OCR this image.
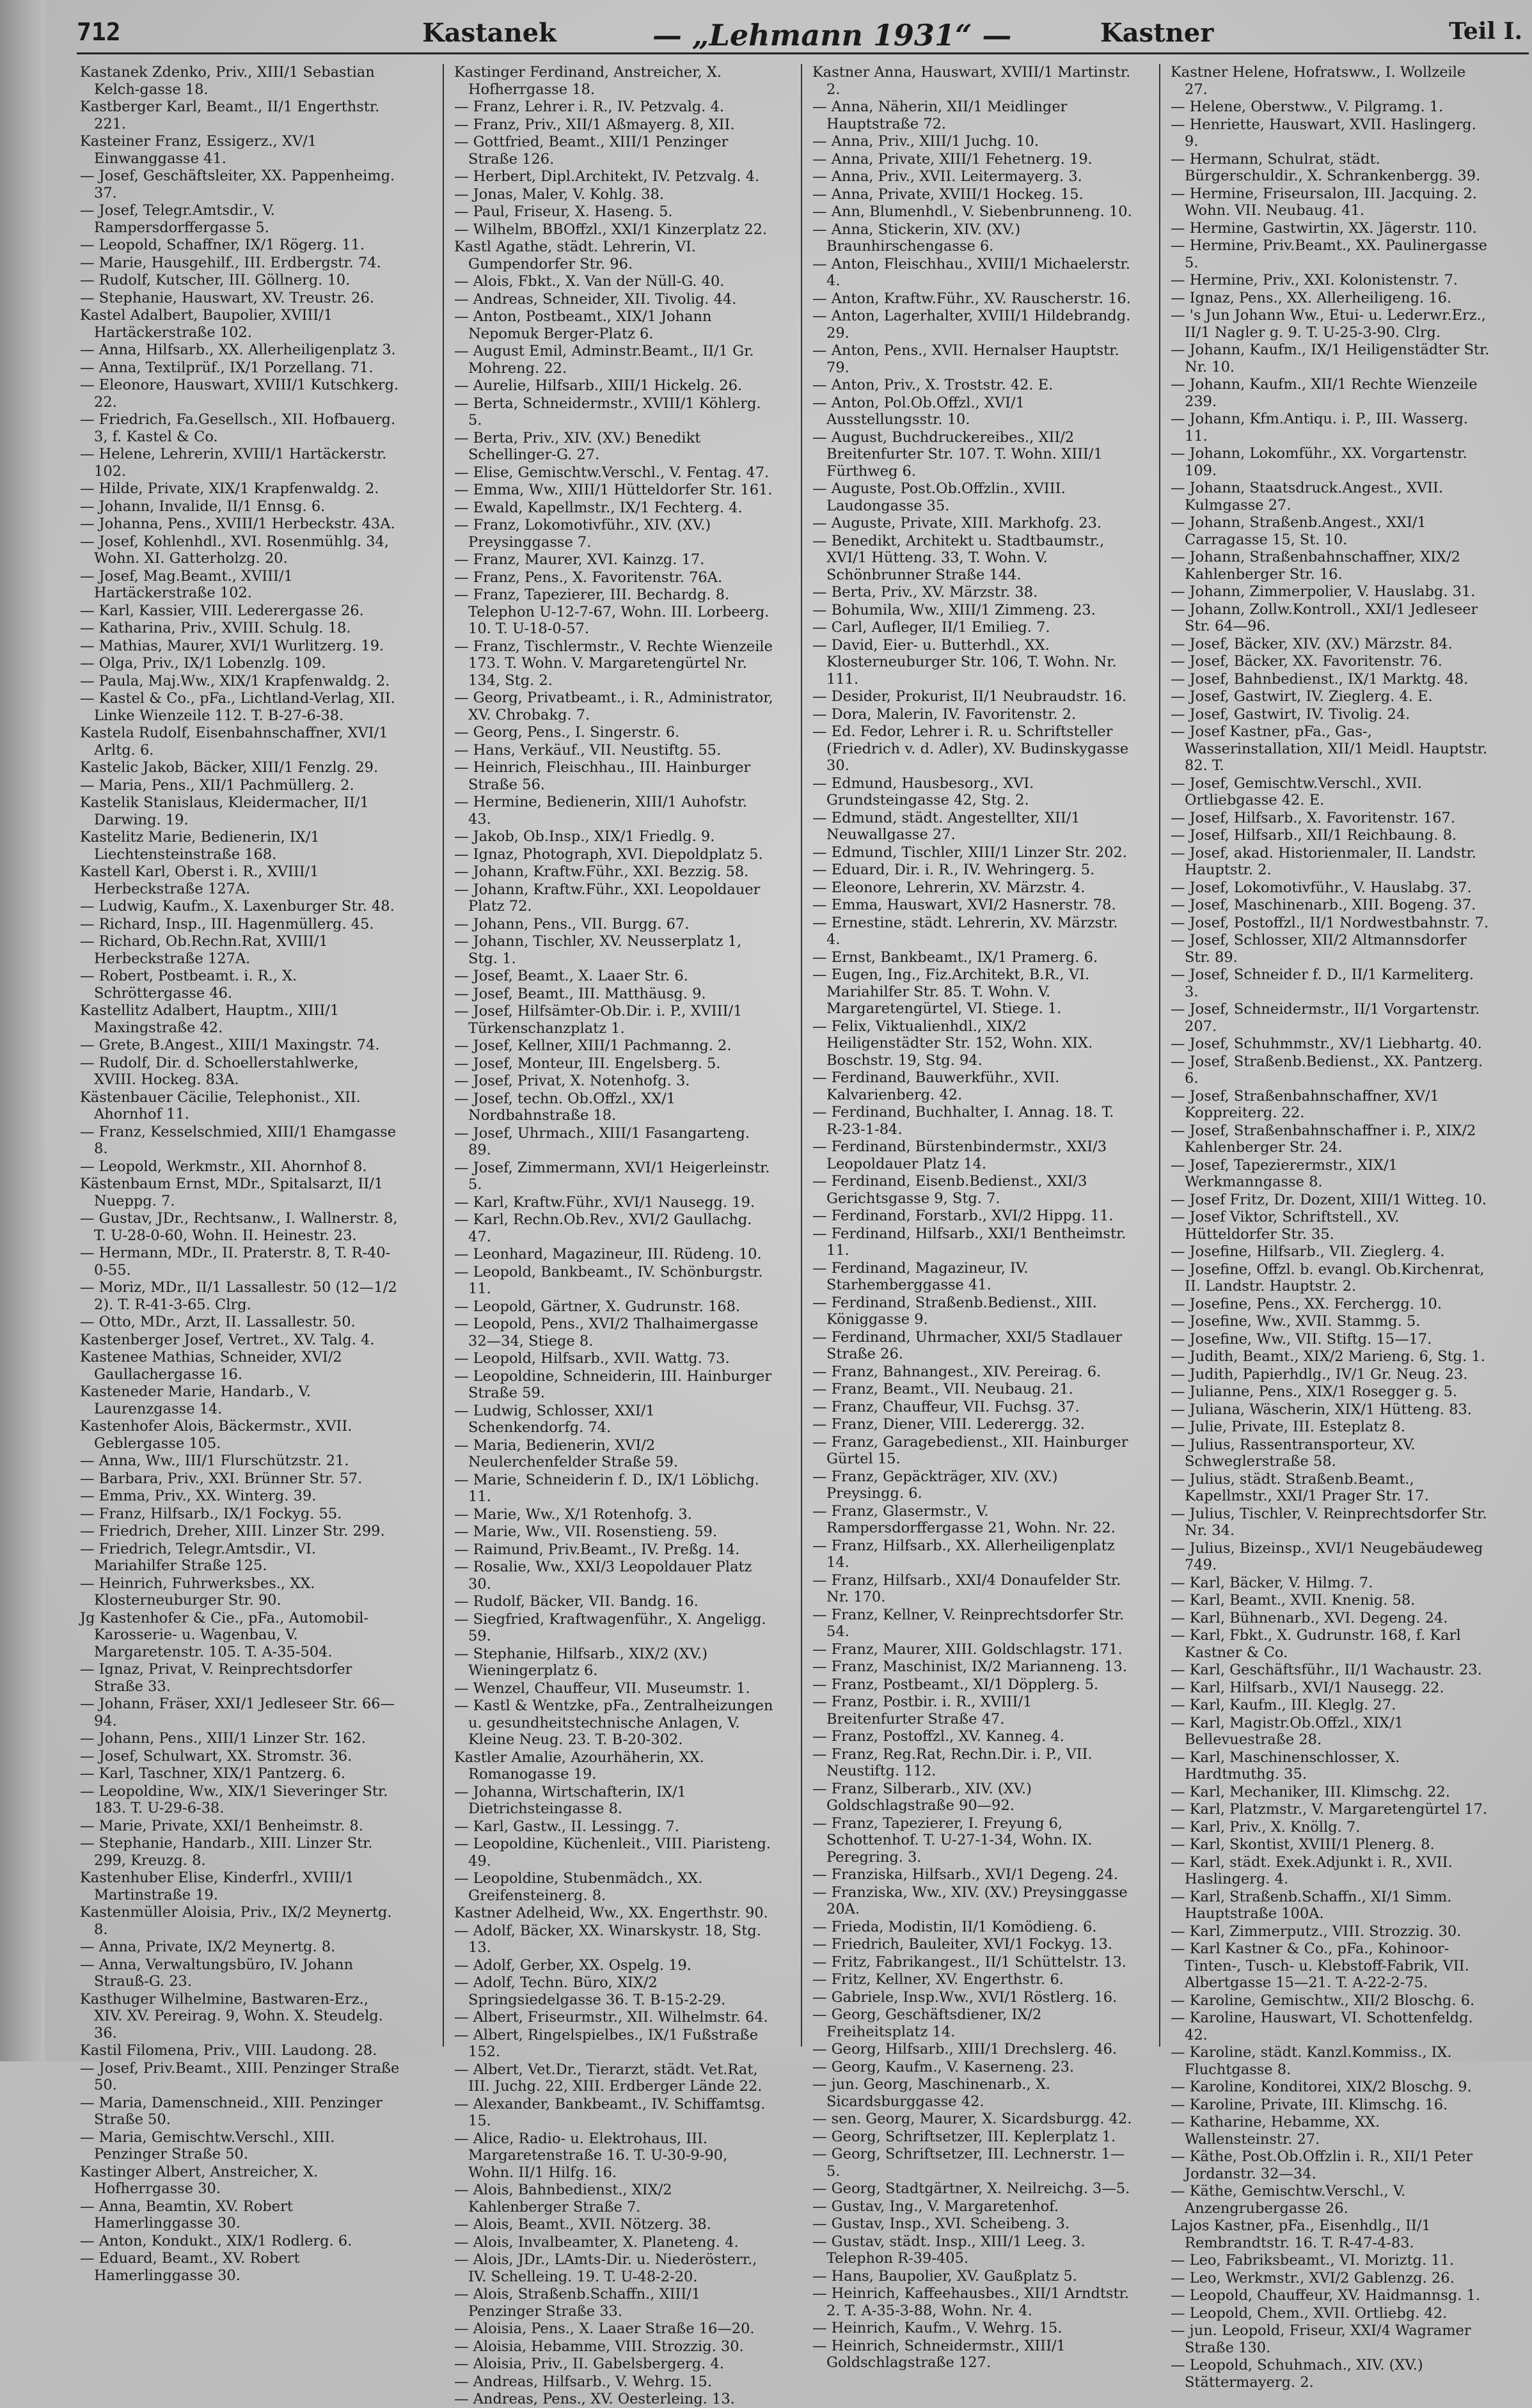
712	Kastanek	— „Lehmann 1931“ —	Kastner	Teil I.
Kastanek Zdenko, Priv., XIII/1 Sebastian Kelch-gasse 18.
Kastberger Karl, Beamt., II/1 Engerthstr. 221.
Kasteiner Franz, Essigerz., XV/1 Einwanggasse 41.
— Josef, Geschäftsleiter, XX. Pappenheimg. 37.
— Josef, Telegr.Amtsdir., V. Rampersdorffergasse 5.
— Leopold, Schaffner, IX/1 Rögerg. 11.
— Marie, Hausgehilf., III. Erdbergstr. 74.
— Rudolf, Kutscher, III. Göllnerg. 10.
— Stephanie, Hauswart, XV. Treustr. 26.
Kastel Adalbert, Baupolier, XVIII/1 Hartäckerstraße 102.
— Anna, Hilfsarb., XX. Allerheiligenplatz 3.
— Anna, Textilprüf., IX/1 Porzellang. 71.
— Eleonore, Hauswart, XVIII/1 Kutschkerg. 22.
— Friedrich, Fa.Gesellsch., XII. Hofbauerg. 3, f. Kastel & Co.
— Helene, Lehrerin, XVIII/1 Hartäckerstr. 102.
— Hilde, Private, XIX/1 Krapfenwaldg. 2.
— Johann, Invalide, II/1 Ennsg. 6.
— Johanna, Pens., XVIII/1 Herbeckstr. 43A.
— Josef, Kohlenhdl., XVI. Rosenmühlg. 34, Wohn. XI. Gatterholzg. 20.
— Josef, Mag.Beamt., XVIII/1 Hartäckerstraße 102.
— Karl, Kassier, VIII. Lederergasse 26.
— Katharina, Priv., XVIII. Schulg. 18.
— Mathias, Maurer, XVI/1 Wurlitzerg. 19.
— Olga, Priv., IX/1 Lobenzlg. 109.
— Paula, Maj.Ww., XIX/1 Krapfenwaldg. 2.
— Kastel & Co., pFa., Lichtland-Verlag, XII. Linke Wienzeile 112. T. B-27-6-38.
Kastela Rudolf, Eisenbahnschaffner, XVI/1 Arltg. 6.
Kastelic Jakob, Bäcker, XIII/1 Fenzlg. 29.
— Maria, Pens., XII/1 Pachmüllerg. 2.
Kastelik Stanislaus, Kleidermacher, II/1 Darwing. 19.
Kastelitz Marie, Bedienerin, IX/1 Liechtensteinstraße 168.
Kastell Karl, Oberst i. R., XVIII/1 Herbeckstraße 127A.
— Ludwig, Kaufm., X. Laxenburger Str. 48.
— Richard, Insp., III. Hagenmüllerg. 45.
— Richard, Ob.Rechn.Rat, XVIII/1 Herbeckstraße 127A.
— Robert, Postbeamt. i. R., X. Schröttergasse 46.
Kastellitz Adalbert, Hauptm., XIII/1 Maxingstraße 42.
— Grete, B.Angest., XIII/1 Maxingstr. 74.
— Rudolf, Dir. d. Schoellerstahlwerke, XVIII. Hockeg. 83A.
Kästenbauer Cäcilie, Telephonist., XII. Ahornhof 11.
— Franz, Kesselschmied, XIII/1 Ehamgasse 8.
— Leopold, Werkmstr., XII. Ahornhof 8.
Kästenbaum Ernst, MDr., Spitalsarzt, II/1 Nueppg. 7.
— Gustav, JDr., Rechtsanw., I. Wallnerstr. 8, T. U-28-0-60, Wohn. II. Heinestr. 23.
— Hermann, MDr., II. Praterstr. 8, T. R-40-0-55.
— Moriz, MDr., II/1 Lassallestr. 50 (12—1/2 2). T. R-41-3-65. Clrg.
— Otto, MDr., Arzt, II. Lassallestr. 50.
Kastenberger Josef, Vertret., XV. Talg. 4.
Kastenee Mathias, Schneider, XVI/2 Gaullachergasse 16.
Kasteneder Marie, Handarb., V. Laurenzgasse 14.
Kastenhofer Alois, Bäckermstr., XVII. Geblergasse 105.
— Anna, Ww., III/1 Flurschützstr. 21.
— Barbara, Priv., XXI. Brünner Str. 57.
— Emma, Priv., XX. Winterg. 39.
— Franz, Hilfsarb., IX/1 Fockyg. 55.
— Friedrich, Dreher, XIII. Linzer Str. 299.
— Friedrich, Telegr.Amtsdir., VI. Mariahilfer Straße 125.
— Heinrich, Fuhrwerksbes., XX. Klosterneuburger Str. 90.
Jg Kastenhofer & Cie., pFa., Automobil-Karosserie- u. Wagenbau, V. Margaretenstr. 105. T. A-35-504.
— Ignaz, Privat, V. Reinprechtsdorfer Straße 33.
— Johann, Fräser, XXI/1 Jedleseer Str. 66—94.
— Johann, Pens., XIII/1 Linzer Str. 162.
— Josef, Schulwart, XX. Stromstr. 36.
— Karl, Taschner, XIX/1 Pantzerg. 6.
— Leopoldine, Ww., XIX/1 Sieveringer Str. 183. T. U-29-6-38.
— Marie, Private, XXI/1 Benheimstr. 8.
— Stephanie, Handarb., XIII. Linzer Str. 299, Kreuzg. 8.
Kastenhuber Elise, Kinderfrl., XVIII/1 Martinstraße 19.
Kastenmüller Aloisia, Priv., IX/2 Meynertg. 8.
— Anna, Private, IX/2 Meynertg. 8.
— Anna, Verwaltungsbüro, IV. Johann Strauß-G. 23.
Kasthuger Wilhelmine, Bastwaren-Erz., XIV. XV. Pereirag. 9, Wohn. X. Steudelg. 36.
Kastil Filomena, Priv., VIII. Laudong. 28.
— Josef, Priv.Beamt., XIII. Penzinger Straße 50.
— Maria, Damenschneid., XIII. Penzinger Straße 50.
— Maria, Gemischtw.Verschl., XIII. Penzinger Straße 50.
Kastinger Albert, Anstreicher, X. Hofherrgasse 30.
— Anna, Beamtin, XV. Robert Hamerlinggasse 30.
— Anton, Kondukt., XIX/1 Rodlerg. 6.
— Eduard, Beamt., XV. Robert Hamerlinggasse 30.
Kastinger Ferdinand, Anstreicher, X. Hofherrgasse 18.
— Franz, Lehrer i. R., IV. Petzvalg. 4.
— Franz, Priv., XII/1 Aßmayerg. 8, XII.
— Gottfried, Beamt., XIII/1 Penzinger Straße 126.
— Herbert, Dipl.Architekt, IV. Petzvalg. 4.
— Jonas, Maler, V. Kohlg. 38.
— Paul, Friseur, X. Haseng. 5.
— Wilhelm, BBOffzl., XXI/1 Kinzerplatz 22.
Kastl Agathe, städt. Lehrerin, VI. Gumpendorfer Str. 96.
— Alois, Fbkt., X. Van der Nüll-G. 40.
— Andreas, Schneider, XII. Tivolig. 44.
— Anton, Postbeamt., XIX/1 Johann Nepomuk Berger-Platz 6.
— August Emil, Adminstr.Beamt., II/1 Gr. Mohreng. 22.
— Aurelie, Hilfsarb., XIII/1 Hickelg. 26.
— Berta, Schneidermstr., XVIII/1 Köhlerg. 5.
— Berta, Priv., XIV. (XV.) Benedikt Schellinger-G. 27.
— Elise, Gemischtw.Verschl., V. Fentag. 47.
— Emma, Ww., XIII/1 Hütteldorfer Str. 161.
— Ewald, Kapellmstr., IX/1 Fechterg. 4.
— Franz, Lokomotivführ., XIV. (XV.) Preysinggasse 7.
— Franz, Maurer, XVI. Kainzg. 17.
— Franz, Pens., X. Favoritenstr. 76A.
— Franz, Tapezierer, III. Bechardg. 8. Telephon U-12-7-67, Wohn. III. Lorbeerg. 10. T. U-18-0-57.
— Franz, Tischlermstr., V. Rechte Wienzeile 173. T. Wohn. V. Margaretengürtel Nr. 134, Stg. 2.
— Georg, Privatbeamt., i. R., Administrator, XV. Chrobakg. 7.
— Georg, Pens., I. Singerstr. 6.
— Hans, Verkäuf., VII. Neustiftg. 55.
— Heinrich, Fleischhau., III. Hainburger Straße 56.
— Hermine, Bedienerin, XIII/1 Auhofstr. 43.
— Jakob, Ob.Insp., XIX/1 Friedlg. 9.
— Ignaz, Photograph, XVI. Diepoldplatz 5.
— Johann, Kraftw.Führ., XXI. Bezzig. 58.
— Johann, Kraftw.Führ., XXI. Leopoldauer Platz 72.
— Johann, Pens., VII. Burgg. 67.
— Johann, Tischler, XV. Neusserplatz 1, Stg. 1.
— Josef, Beamt., X. Laaer Str. 6.
— Josef, Beamt., III. Matthäusg. 9.
— Josef, Hilfsämter-Ob.Dir. i. P., XVIII/1 Türkenschanzplatz 1.
— Josef, Kellner, XIII/1 Pachmanng. 2.
— Josef, Monteur, III. Engelsberg. 5.
— Josef, Privat, X. Notenhofg. 3.
— Josef, techn. Ob.Offzl., XX/1 Nordbahnstraße 18.
— Josef, Uhrmach., XIII/1 Fasangarteng. 89.
— Josef, Zimmermann, XVI/1 Heigerleinstr. 5.
— Karl, Kraftw.Führ., XVI/1 Nausegg. 19.
— Karl, Rechn.Ob.Rev., XVI/2 Gaullachg. 47.
— Leonhard, Magazineur, III. Rüdeng. 10.
— Leopold, Bankbeamt., IV. Schönburgstr. 11.
— Leopold, Gärtner, X. Gudrunstr. 168.
— Leopold, Pens., XVI/2 Thalhaimergasse 32—34, Stiege 8.
— Leopold, Hilfsarb., XVII. Wattg. 73.
— Leopoldine, Schneiderin, III. Hainburger Straße 59.
— Ludwig, Schlosser, XXI/1 Schenkendorfg. 74.
— Maria, Bedienerin, XVI/2 Neulerchenfelder Straße 59.
— Marie, Schneiderin f. D., IX/1 Löblichg. 11.
— Marie, Ww., X/1 Rotenhofg. 3.
— Marie, Ww., VII. Rosenstieng. 59.
— Raimund, Priv.Beamt., IV. Preßg. 14.
— Rosalie, Ww., XXI/3 Leopoldauer Platz 30.
— Rudolf, Bäcker, VII. Bandg. 16.
— Siegfried, Kraftwagenführ., X. Angeligg. 59.
— Stephanie, Hilfsarb., XIX/2 (XV.) Wieningerplatz 6.
— Wenzel, Chauffeur, VII. Museumstr. 1.
— Kastl & Wentzke, pFa., Zentralheizungen u. gesundheitstechnische Anlagen, V. Kleine Neug. 23. T. B-20-302.
Kastler Amalie, Azourhäherin, XX. Romanogasse 19.
— Johanna, Wirtschafterin, IX/1 Dietrichsteingasse 8.
— Karl, Gastw., II. Lessingg. 7.
— Leopoldine, Küchenleit., VIII. Piaristeng. 49.
— Leopoldine, Stubenmädch., XX. Greifensteinerg. 8.
Kastner Adelheid, Ww., XX. Engerthstr. 90.
— Adolf, Bäcker, XX. Winarskystr. 18, Stg. 13.
— Adolf, Gerber, XX. Ospelg. 19.
— Adolf, Techn. Büro, XIX/2 Springsiedelgasse 36. T. B-15-2-29.
— Albert, Friseurmstr., XII. Wilhelmstr. 64.
— Albert, Ringelspielbes., IX/1 Fußstraße 152.
— Albert, Vet.Dr., Tierarzt, städt. Vet.Rat, III. Juchg. 22, XIII. Erdberger Lände 22.
— Alexander, Bankbeamt., IV. Schiffamtsg. 15.
— Alice, Radio- u. Elektrohaus, III. Margaretenstraße 16. T. U-30-9-90, Wohn. II/1 Hilfg. 16.
— Alois, Bahnbedienst., XIX/2 Kahlenberger Straße 7.
— Alois, Beamt., XVII. Nötzerg. 38.
— Alois, Invalbeamter, X. Planeteng. 4.
— Alois, JDr., LAmts-Dir. u. Niederösterr., IV. Schelleing. 19. T. U-48-2-20.
— Alois, Straßenb.Schaffn., XIII/1 Penzinger Straße 33.
— Aloisia, Pens., X. Laaer Straße 16—20.
— Aloisia, Hebamme, VIII. Strozzig. 30.
— Aloisia, Priv., II. Gabelsbergerg. 4.
— Andreas, Hilfsarb., V. Wehrg. 15.
— Andreas, Pens., XV. Oesterleing. 13.
Kastner Anna, Hauswart, XVIII/1 Martinstr. 2.
— Anna, Näherin, XII/1 Meidlinger Hauptstraße 72.
— Anna, Priv., XIII/1 Juchg. 10.
— Anna, Private, XIII/1 Fehetnerg. 19.
— Anna, Priv., XVII. Leitermayerg. 3.
— Anna, Private, XVIII/1 Hockeg. 15.
— Ann, Blumenhdl., V. Siebenbrunneng. 10.
— Anna, Stickerin, XIV. (XV.) Braunhirschengasse 6.
— Anton, Fleischhau., XVIII/1 Michaelerstr. 4.
— Anton, Kraftw.Führ., XV. Rauscherstr. 16.
— Anton, Lagerhalter, XVIII/1 Hildebrandg. 29.
— Anton, Pens., XVII. Hernalser Hauptstr. 79.
— Anton, Priv., X. Troststr. 42. E.
— Anton, Pol.Ob.Offzl., XVI/1 Ausstellungsstr. 10.
— August, Buchdruckereibes., XII/2 Breitenfurter Str. 107. T. Wohn. XIII/1 Fürthweg 6.
— Auguste, Post.Ob.Offzlin., XVIII. Laudongasse 35.
— Auguste, Private, XIII. Markhofg. 23.
— Benedikt, Architekt u. Stadtbaumstr., XVI/1 Hütteng. 33, T. Wohn. V. Schönbrunner Straße 144.
— Berta, Priv., XV. Märzstr. 38.
— Bohumila, Ww., XIII/1 Zimmeng. 23.
— Carl, Aufleger, II/1 Emilieg. 7.
— David, Eier- u. Butterhdl., XX. Klosterneuburger Str. 106, T. Wohn. Nr. 111.
— Desider, Prokurist, II/1 Neubraudstr. 16.
— Dora, Malerin, IV. Favoritenstr. 2.
— Ed. Fedor, Lehrer i. R. u. Schriftsteller (Friedrich v. d. Adler), XV. Budinskygasse 30.
— Edmund, Hausbesorg., XVI. Grundsteingasse 42, Stg. 2.
— Edmund, städt. Angestellter, XII/1 Neuwallgasse 27.
— Edmund, Tischler, XIII/1 Linzer Str. 202.
— Eduard, Dir. i. R., IV. Wehringerg. 5.
— Eleonore, Lehrerin, XV. Märzstr. 4.
— Emma, Hauswart, XVI/2 Hasnerstr. 78.
— Ernestine, städt. Lehrerin, XV. Märzstr. 4.
— Ernst, Bankbeamt., IX/1 Pramerg. 6.
— Eugen, Ing., Fiz.Architekt, B.R., VI. Mariahilfer Str. 85. T. Wohn. V. Margaretengürtel, VI. Stiege. 1.
— Felix, Viktualienhdl., XIX/2 Heiligenstädter Str. 152, Wohn. XIX. Boschstr. 19, Stg. 94.
— Ferdinand, Bauwerkführ., XVII. Kalvarienberg. 42.
— Ferdinand, Buchhalter, I. Annag. 18. T. R-23-1-84.
— Ferdinand, Bürstenbindermstr., XXI/3 Leopoldauer Platz 14.
— Ferdinand, Eisenb.Bedienst., XXI/3 Gerichtsgasse 9, Stg. 7.
— Ferdinand, Forstarb., XVI/2 Hippg. 11.
— Ferdinand, Hilfsarb., XXI/1 Bentheimstr. 11.
— Ferdinand, Magazineur, IV. Starhemberggasse 41.
— Ferdinand, Straßenb.Bedienst., XIII. Königgasse 9.
— Ferdinand, Uhrmacher, XXI/5 Stadlauer Straße 26.
— Franz, Bahnangest., XIV. Pereirag. 6.
— Franz, Beamt., VII. Neubaug. 21.
— Franz, Chauffeur, VII. Fuchsg. 37.
— Franz, Diener, VIII. Lederergg. 32.
— Franz, Garagebedienst., XII. Hainburger Gürtel 15.
— Franz, Gepäckträger, XIV. (XV.) Preysingg. 6.
— Franz, Glasermstr., V. Rampersdorffergasse 21, Wohn. Nr. 22.
— Franz, Hilfsarb., XX. Allerheiligenplatz 14.
— Franz, Hilfsarb., XXI/4 Donaufelder Str. Nr. 170.
— Franz, Kellner, V. Reinprechtsdorfer Str. 54.
— Franz, Maurer, XIII. Goldschlagstr. 171.
— Franz, Maschinist, IX/2 Marianneng. 13.
— Franz, Postbeamt., XI/1 Döpplerg. 5.
— Franz, Postbir. i. R., XVIII/1 Breitenfurter Straße 47.
— Franz, Postoffzl., XV. Kanneg. 4.
— Franz, Reg.Rat, Rechn.Dir. i. P., VII. Neustiftg. 112.
— Franz, Silberarb., XIV. (XV.) Goldschlagstraße 90—92.
— Franz, Tapezierer, I. Freyung 6, Schottenhof. T. U-27-1-34, Wohn. IX. Peregring. 3.
— Franziska, Hilfsarb., XVI/1 Degeng. 24.
— Franziska, Ww., XIV. (XV.) Preysinggasse 20A.
— Frieda, Modistin, II/1 Komödieng. 6.
— Friedrich, Bauleiter, XVI/1 Fockyg. 13.
— Fritz, Fabrikangest., II/1 Schüttelstr. 13.
— Fritz, Kellner, XV. Engerthstr. 6.
— Gabriele, Insp.Ww., XVI/1 Röstlerg. 16.
— Georg, Geschäftsdiener, IX/2 Freiheitsplatz 14.
— Georg, Hilfsarb., XIII/1 Drechslerg. 46.
— Georg, Kaufm., V. Kaserneng. 23.
— jun. Georg, Maschinenarb., X. Sicardsburggasse 42.
— sen. Georg, Maurer, X. Sicardsburgg. 42.
— Georg, Schriftsetzer, III. Keplerplatz 1.
— Georg, Schriftsetzer, III. Lechnerstr. 1—5.
— Georg, Stadtgärtner, X. Neilreichg. 3—5.
— Gustav, Ing., V. Margaretenhof.
— Gustav, Insp., XVI. Scheibeng. 3.
— Gustav, städt. Insp., XIII/1 Leeg. 3. Telephon R-39-405.
— Hans, Baupolier, XV. Gaußplatz 5.
— Heinrich, Kaffeehausbes., XII/1 Arndtstr. 2. T. A-35-3-88, Wohn. Nr. 4.
— Heinrich, Kaufm., V. Wehrg. 15.
— Heinrich, Schneidermstr., XIII/1 Goldschlagstraße 127.
Kastner Helene, Hofratsww., I. Wollzeile 27.
— Helene, Oberstww., V. Pilgramg. 1.
— Henriette, Hauswart, XVII. Haslingerg. 9.
— Hermann, Schulrat, städt. Bürgerschuldir., X. Schrankenbergg. 39.
— Hermine, Friseursalon, III. Jacquing. 2. Wohn. VII. Neubaug. 41.
— Hermine, Gastwirtin, XX. Jägerstr. 110.
— Hermine, Priv.Beamt., XX. Paulinergasse 5.
— Hermine, Priv., XXI. Kolonistenstr. 7.
— Ignaz, Pens., XX. Allerheiligeng. 16.
— 's Jun Johann Ww., Etui- u. Lederwr.Erz., II/1 Nagler g. 9. T. U-25-3-90. Clrg.
— Johann, Kaufm., IX/1 Heiligenstädter Str. Nr. 10.
— Johann, Kaufm., XII/1 Rechte Wienzeile 239.
— Johann, Kfm.Antiqu. i. P., III. Wasserg. 11.
— Johann, Lokomführ., XX. Vorgartenstr. 109.
— Johann, Staatsdruck.Angest., XVII. Kulmgasse 27.
— Johann, Straßenb.Angest., XXI/1 Carragasse 15, St. 10.
— Johann, Straßenbahnschaffner, XIX/2 Kahlenberger Str. 16.
— Johann, Zimmerpolier, V. Hauslabg. 31.
— Johann, Zollw.Kontroll., XXI/1 Jedleseer Str. 64—96.
— Josef, Bäcker, XIV. (XV.) Märzstr. 84.
— Josef, Bäcker, XX. Favoritenstr. 76.
— Josef, Bahnbedienst., IX/1 Marktg. 48.
— Josef, Gastwirt, IV. Zieglerg. 4. E.
— Josef, Gastwirt, IV. Tivolig. 24.
— Josef Kastner, pFa., Gas-, Wasserinstallation, XII/1 Meidl. Hauptstr. 82. T.
— Josef, Gemischtw.Verschl., XVII. Ortliebgasse 42. E.
— Josef, Hilfsarb., X. Favoritenstr. 167.
— Josef, Hilfsarb., XII/1 Reichbaung. 8.
— Josef, akad. Historienmaler, II. Landstr. Hauptstr. 2.
— Josef, Lokomotivführ., V. Hauslabg. 37.
— Josef, Maschinenarb., XIII. Bogeng. 37.
— Josef, Postoffzl., II/1 Nordwestbahnstr. 7.
— Josef, Schlosser, XII/2 Altmannsdorfer Str. 89.
— Josef, Schneider f. D., II/1 Karmeliterg. 3.
— Josef, Schneidermstr., II/1 Vorgartenstr. 207.
— Josef, Schuhmmstr., XV/1 Liebhartg. 40.
— Josef, Straßenb.Bedienst., XX. Pantzerg. 6.
— Josef, Straßenbahnschaffner, XV/1 Koppreiterg. 22.
— Josef, Straßenbahnschaffner i. P., XIX/2 Kahlenberger Str. 24.
— Josef, Tapezierermstr., XIX/1 Werkmanngasse 8.
— Josef Fritz, Dr. Dozent, XIII/1 Witteg. 10.
— Josef Viktor, Schriftstell., XV. Hütteldorfer Str. 35.
— Josefine, Hilfsarb., VII. Zieglerg. 4.
— Josefine, Offzl. b. evangl. Ob.Kirchenrat, II. Landstr. Hauptstr. 2.
— Josefine, Pens., XX. Ferchergg. 10.
— Josefine, Ww., XVII. Stammg. 5.
— Josefine, Ww., VII. Stiftg. 15—17.
— Judith, Beamt., XIX/2 Marieng. 6, Stg. 1.
— Judith, Papierhdlg., IV/1 Gr. Neug. 23.
— Julianne, Pens., XIX/1 Rosegger g. 5.
— Juliana, Wäscherin, XIX/1 Hütteng. 83.
— Julie, Private, III. Esteplatz 8.
— Julius, Rassentransporteur, XV. Schweglerstraße 58.
— Julius, städt. Straßenb.Beamt., Kapellmstr., XXI/1 Prager Str. 17.
— Julius, Tischler, V. Reinprechtsdorfer Str. Nr. 34.
— Julius, Bizeinsp., XVI/1 Neugebäudeweg 749.
— Karl, Bäcker, V. Hilmg. 7.
— Karl, Beamt., XVII. Knenig. 58.
— Karl, Bühnenarb., XVI. Degeng. 24.
— Karl, Fbkt., X. Gudrunstr. 168, f. Karl Kastner & Co.
— Karl, Geschäftsführ., II/1 Wachaustr. 23.
— Karl, Hilfsarb., XVI/1 Nausegg. 22.
— Karl, Kaufm., III. Kleglg. 27.
— Karl, Magistr.Ob.Offzl., XIX/1 Bellevuestraße 28.
— Karl, Maschinenschlosser, X. Hardtmuthg. 35.
— Karl, Mechaniker, III. Klimschg. 22.
— Karl, Platzmstr., V. Margaretengürtel 17.
— Karl, Priv., X. Knöllg. 7.
— Karl, Skontist, XVIII/1 Plenerg. 8.
— Karl, städt. Exek.Adjunkt i. R., XVII. Haslingerg. 4.
— Karl, Straßenb.Schaffn., XI/1 Simm. Hauptstraße 100A.
— Karl, Zimmerputz., VIII. Strozzig. 30.
— Karl Kastner & Co., pFa., Kohinoor-Tinten-, Tusch- u. Klebstoff-Fabrik, VII. Albertgasse 15—21. T. A-22-2-75.
— Karoline, Gemischtw., XII/2 Bloschg. 6.
— Karoline, Hauswart, VI. Schottenfeldg. 42.
— Karoline, städt. Kanzl.Kommiss., IX. Fluchtgasse 8.
— Karoline, Konditorei, XIX/2 Bloschg. 9.
— Karoline, Private, III. Klimschg. 16.
— Katharine, Hebamme, XX. Wallensteinstr. 27.
— Käthe, Post.Ob.Offzlin i. R., XII/1 Peter Jordanstr. 32—34.
— Käthe, Gemischtw.Verschl., V. Anzengrubergasse 26.
Lajos Kastner, pFa., Eisenhdlg., II/1 Rembrandtstr. 16. T. R-47-4-83.
— Leo, Fabriksbeamt., VI. Moriztg. 11.
— Leo, Werkmstr., XVI/2 Gablenzg. 26.
— Leopold, Chauffeur, XV. Haidmannsg. 1.
— Leopold, Chem., XVII. Ortliebg. 42.
— jun. Leopold, Friseur, XXI/4 Wagramer Straße 130.
— Leopold, Schuhmach., XIV. (XV.) Stättermayerg. 2.
